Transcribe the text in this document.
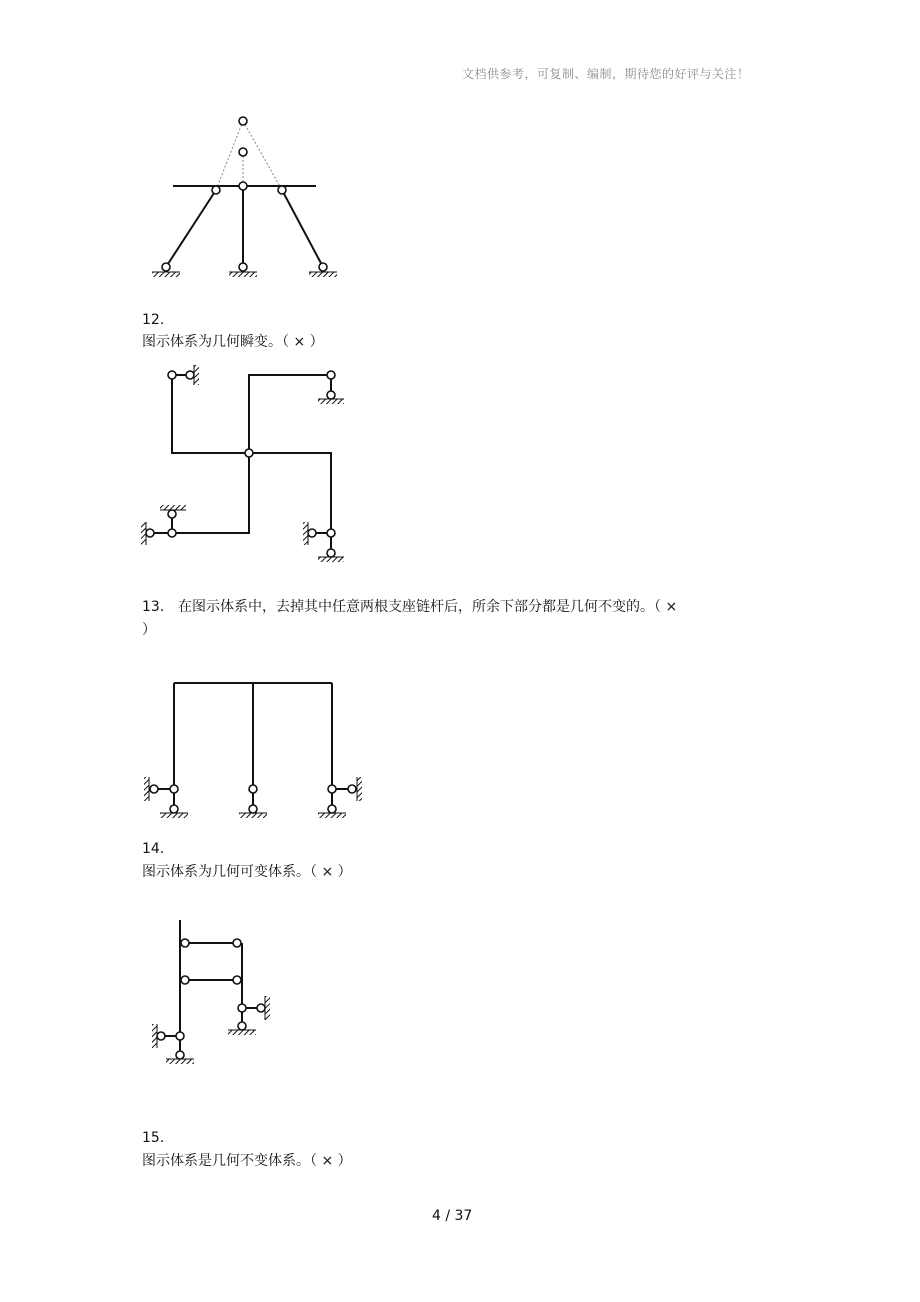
文档供参考，可复制、编制，期待您的好评与关注！
12.
图示体系为几何瞬变。（ × ）
13. 在图示体系中，去掉其中任意两根支座链杆后，所余下部分都是几何不变的。（ ×
）
14.
图示体系为几何可变体系。（ × ）
15.
图示体系是几何不变体系。（ × ）
4 / 37
